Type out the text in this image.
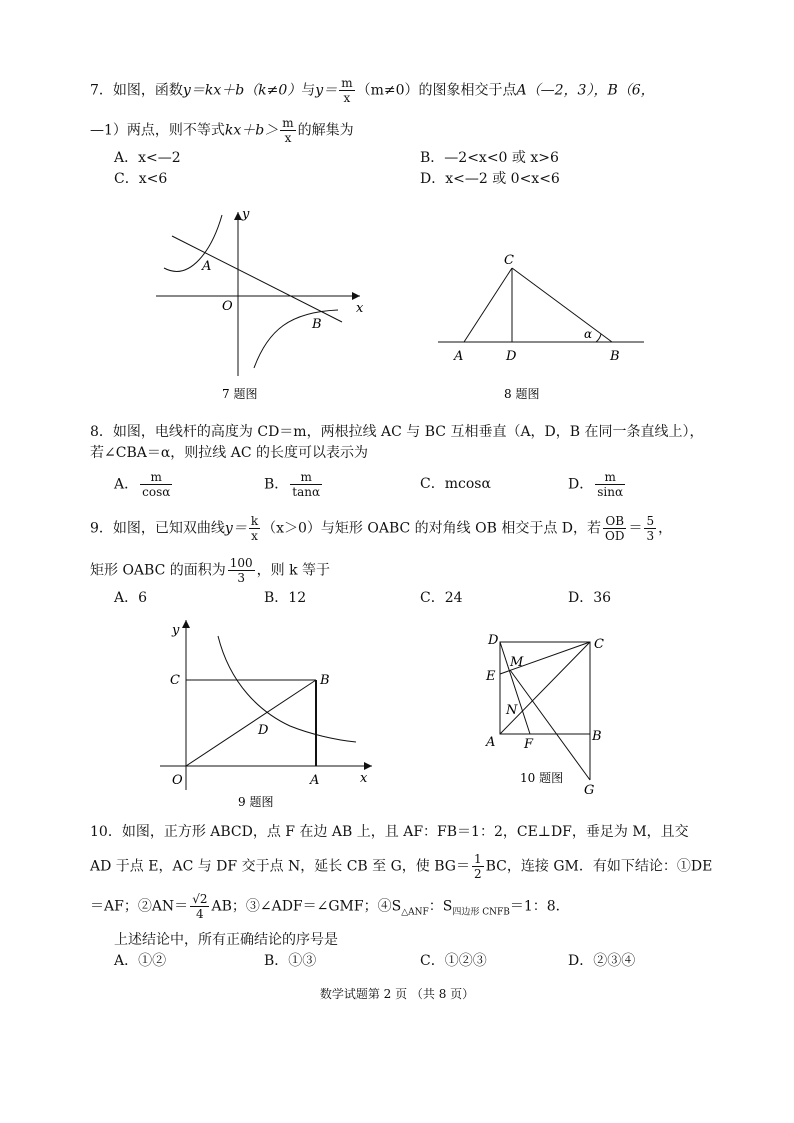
7．如图，函数y＝kx＋b（k≠0）与$y= \frac{m}{x} (m\ne 0)$的图象相交于点A（—2，3），B（6，
—1）两点，则不等式$kx+b> \frac{m}{x}$ 的解集为
A．x<—2	B．—2<x<0 或 x>6
C．x<6	D．x<—2 或 0<x<6
y
x
O
A
B
7 题图
C
A	D	B
α
8 题图
8．如图，电线杆的高度为 CD＝m，两根拉线 AC 与 BC 互相垂直（A，D，B 在同一条直线上），
若∠CBA＝α，则拉线 AC 的长度可以表示为
A． $\frac{m}{\cos\alpha}$	B． $\frac{m}{\tan\alpha}$	C．mcosα	D． $\frac{m}{\sin\alpha}$
9．如图，已知双曲线$y= \frac{k}{x} (x>0)$与矩形 OABC 的对角线 OB 相交于点 D，若 $\frac{OB}{OD} = \frac{5}{3}$ ，
矩形 OABC 的面积为 $\frac{100}{3}$ ，则 k 等于
A．6	B．12	C．24	D．36
y
x
O	A
B
C
D
9 题图
D	C
M
E
N
A F
B
G
10 题图
10．如图，正方形 ABCD，点 F 在边 AB 上，且 AF：FB＝1：2，CE⊥DF，垂足为 M，且交
AD 于点 E，AC 与 DF 交于点 N，延长 CB 至 G，使 $BG= \frac{1}{2}$ BC，连接 GM．有如下结论：①DE
＝AF；②AN＝ $\frac{√2}{4}$ AB；③∠ADF＝∠GMF；$④S_{\triangle ANF}$：$S_{四边形 CNFB}=1$：8．
上述结论中，所有正确结论的序号是
A．①②	B．①③	C．①②③	D．②③④
数学试题第 2 页 （共 8 页）
